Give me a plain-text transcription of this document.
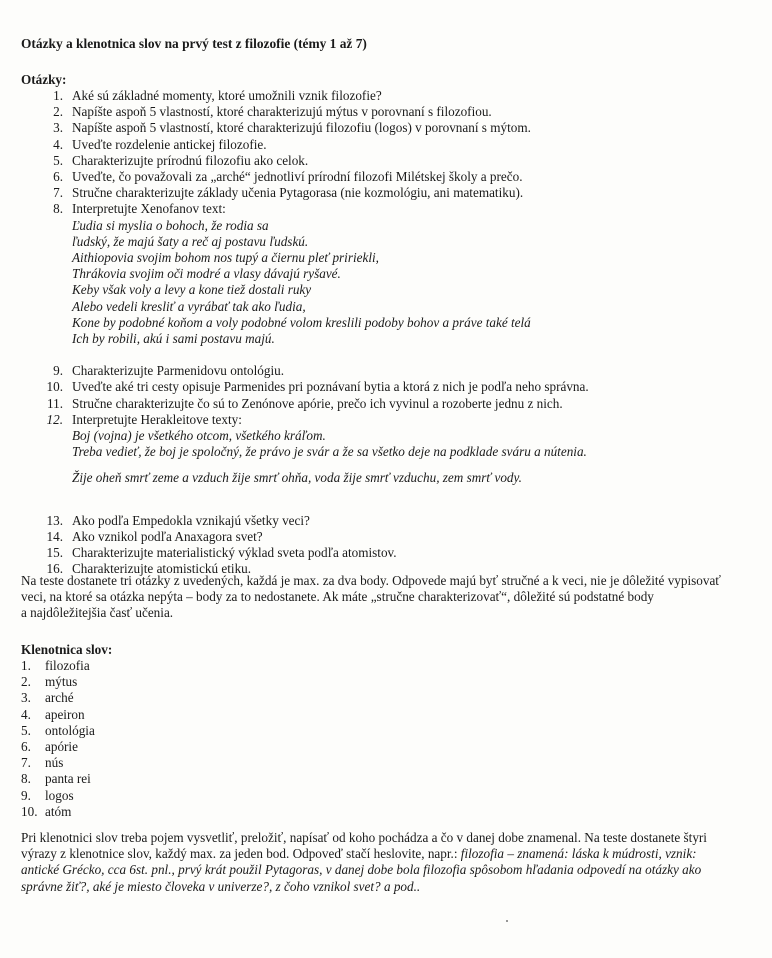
Otázky a klenotnica slov na prvý test z filozofie (témy 1 až 7)
Otázky:
1. Aké sú základné momenty, ktoré umožnili vznik filozofie?
2. Napíšte aspoň 5 vlastností, ktoré charakterizujú mýtus v porovnaní s filozofiou.
3. Napíšte aspoň 5 vlastností, ktoré charakterizujú filozofiu (logos) v porovnaní s mýtom.
4. Uveďte rozdelenie antickej filozofie.
5. Charakterizujte prírodnú filozofiu ako celok.
6. Uveďte, čo považovali za „arché“ jednotliví prírodní filozofi Milétskej školy a prečo.
7. Stručne charakterizujte základy učenia Pytagorasa (nie kozmológiu, ani matematiku).
8. Interpretujte Xenofanov text:
Ľudia si myslia o bohoch, že rodia sa
ľudský, že majú šaty a reč aj postavu ľudskú.
Aithiopovia svojim bohom nos tupý a čiernu pleť pririekli,
Thrákovia svojim oči modré a vlasy dávajú ryšavé.
Keby však voly a levy a kone tiež dostali ruky
Alebo vedeli kresliť a vyrábať tak ako ľudia,
Kone by podobné koňom a voly podobné volom kreslili podoby bohov a práve také telá
Ich by robili, akú i sami postavu majú.
9. Charakterizujte Parmenidovu ontológiu.
10. Uveďte aké tri cesty opisuje Parmenides pri poznávaní bytia a ktorá z nich je podľa neho správna.
11. Stručne charakterizujte čo sú to Zenónove apórie, prečo ich vyvinul a rozoberte jednu z nich.
12. Interpretujte Herakleitove texty:
Boj (vojna) je všetkého otcom, všetkého kráľom.
Treba vedieť, že boj je spoločný, že právo je svár a že sa všetko deje na podklade sváru a nútenia.
Žije oheň smrť zeme a vzduch žije smrť ohňa, voda žije smrť vzduchu, zem smrť vody.
13. Ako podľa Empedokla vznikajú všetky veci?
14. Ako vznikol podľa Anaxagora svet?
15. Charakterizujte materialistický výklad sveta podľa atomistov.
16. Charakterizujte atomistickú etiku.
Na teste dostanete tri otázky z uvedených, každá je max. za dva body. Odpovede majú byť stručné a k veci, nie je dôležité vypisovať
veci, na ktoré sa otázka nepýta – body za to nedostanete. Ak máte „stručne charakterizovať“, dôležité sú podstatné body
a najdôležitejšia časť učenia.
Klenotnica slov:
1.	filozofia
2.	mýtus
3.	arché
4.	apeiron
5.	ontológia
6.	apórie
7.	nús
8.	panta rei
9.	logos
10. atóm
Pri klenotnici slov treba pojem vysvetliť, preložiť, napísať od koho pochádza a čo v danej dobe znamenal. Na teste dostanete štyri
výrazy z klenotnice slov, každý max. za jeden bod. Odpoveď stačí heslovite, napr.: filozofia – znamená: láska k múdrosti, vznik:
antické Grécko, cca 6st. pnl., prvý krát použil Pytagoras, v danej dobe bola filozofia spôsobom hľadania odpovedí na otázky ako
správne žiť?, aké je miesto človeka v univerze?, z čoho vznikol svet? a pod..
